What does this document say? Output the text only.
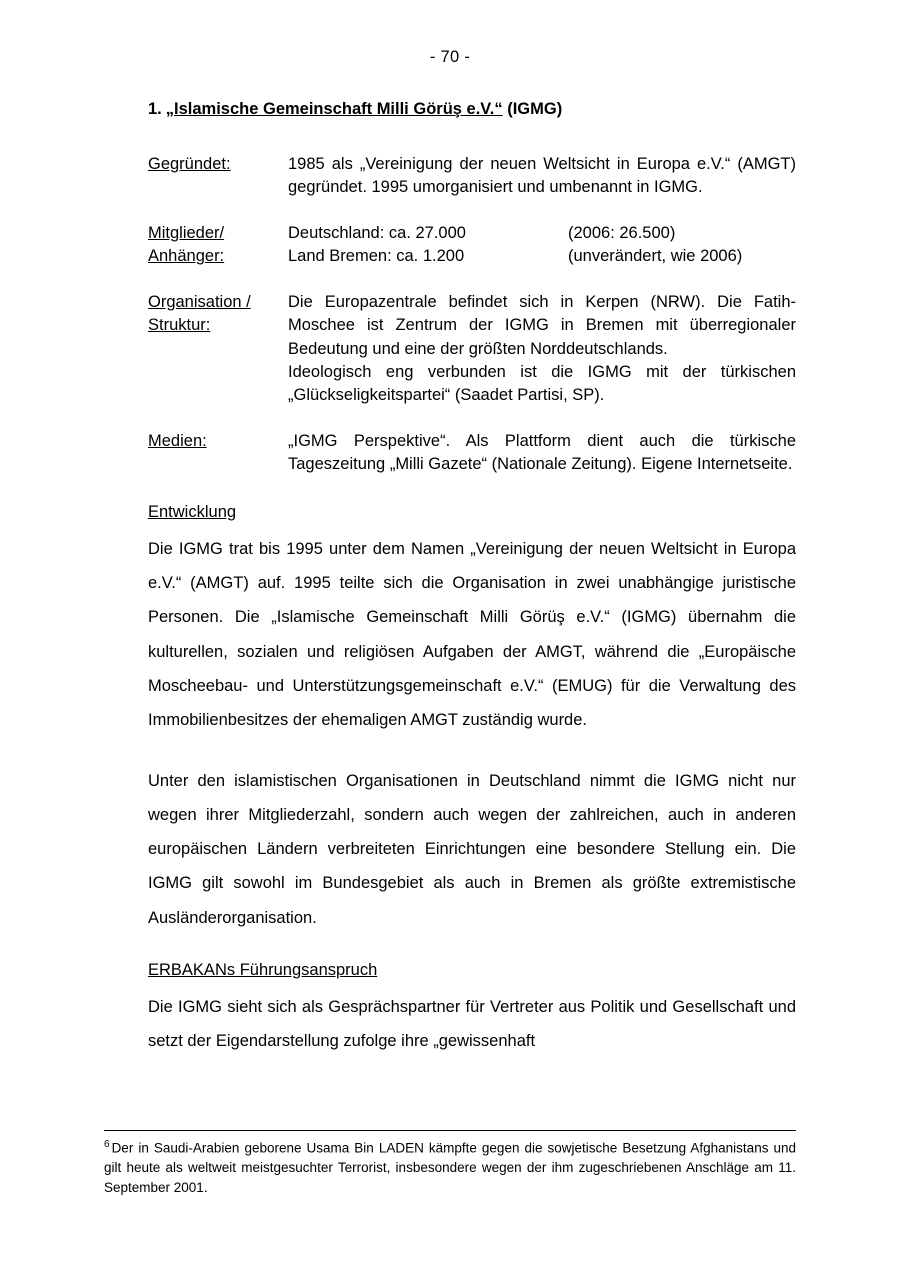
- 70 -
1. „Islamische Gemeinschaft Milli Görüş e.V.“ (IGMG)
Gegründet:	1985 als „Vereinigung der neuen Weltsicht in Europa e.V.“ (AMGT) gegründet. 1995 umorganisiert und umbenannt in IGMG.
Mitglieder/
Anhänger:
Deutschland: ca. 27.000	(2006: 26.500)
Land Bremen: ca. 1.200	(unverändert, wie 2006)
Organisation /
Struktur:
Die Europazentrale befindet sich in Kerpen (NRW). Die Fatih-Moschee ist Zentrum der IGMG in Bremen mit überregionaler Bedeutung und eine der größten Norddeutschlands.
Ideologisch eng verbunden ist die IGMG mit der türkischen „Glückseligkeitspartei“ (Saadet Partisi, SP).
Medien:	„IGMG Perspektive“. Als Plattform dient auch die türkische Tageszeitung „Milli Gazete“ (Nationale Zeitung). Eigene Internetseite.
Entwicklung

Die IGMG trat bis 1995 unter dem Namen „Vereinigung der neuen Weltsicht in Europa e.V.“ (AMGT) auf. 1995 teilte sich die Organisation in zwei unabhängige juristische Personen. Die „Islamische Gemeinschaft Milli Görüş e.V.“ (IGMG) übernahm die kulturellen, sozialen und religiösen Aufgaben der AMGT, während die „Europäische Moscheebau- und Unterstützungsgemeinschaft e.V.“ (EMUG) für die Verwaltung des Immobilienbesitzes der ehemaligen AMGT zuständig wurde.

Unter den islamistischen Organisationen in Deutschland nimmt die IGMG nicht nur wegen ihrer Mitgliederzahl, sondern auch wegen der zahlreichen, auch in anderen europäischen Ländern verbreiteten Einrichtungen eine besondere Stellung ein. Die IGMG gilt sowohl im Bundesgebiet als auch in Bremen als größte extremistische Ausländerorganisation.

ERBAKANs Führungsanspruch

Die IGMG sieht sich als Gesprächspartner für Vertreter aus Politik und Gesellschaft und setzt der Eigendarstellung zufolge ihre „gewissenhaft

$^6$ Der in Saudi-Arabien geborene Usama Bin LADEN kämpfte gegen die sowjetische Besetzung Afghanistans und gilt heute als weltweit meistgesuchter Terrorist, insbesondere wegen der ihm zugeschriebenen Anschläge am 11. September 2001.
